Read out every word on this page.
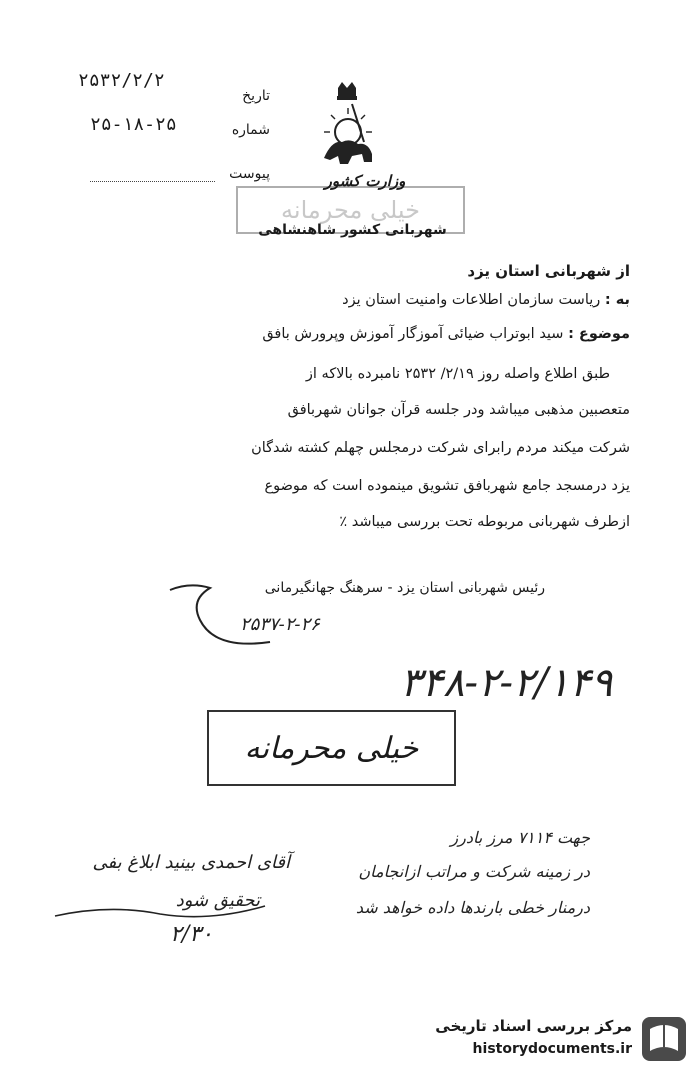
۲۵۳۲/۲/۲
تاریخ
۲۵-۱۸-۲۵	شماره
پیوست
خیلی محرمانه
وزارت کشور
شهربانی کشور شاهنشاهی
از شهربانی استان یزد
به : ریاست سازمان اطلاعات وامنیت استان یزد
موضوع : سید ابوتراب ضیائی آموزگار آموزش وپرورش بافق
طبق اطلاع واصله روز ۲/۱۹/ ۲۵۳۲ نامبرده بالاکه از
متعصبین مذهبی میباشد ودر جلسه قرآن جوانان شهربافق
شرکت میکند مردم رابرای شرکت درمجلس چهلم کشته شدگان
یزد درمسجد جامع شهربافق تشویق مینموده است که موضوع
ازطرف شهربانی مربوطه تحت بررسی میباشد ٪
رئیس شهربانی استان یزد - سرهنگ جهانگیرمانی
۲۵۳۷-۲-۲۶
۳۴۸-۲-۲/۱۴۹
خیلی محرمانه
جهت ۷۱۱۴ مرز بادرز
در زمینه شرکت و مراتب ازانجامان
درمنار خطی بارندها داده خواهد شد
آقای احمدی بینید ابلاغ بفی
تحقیق شود
۲/۳۰
مرکز بررسی اسناد تاریخی
historydocuments.ir
